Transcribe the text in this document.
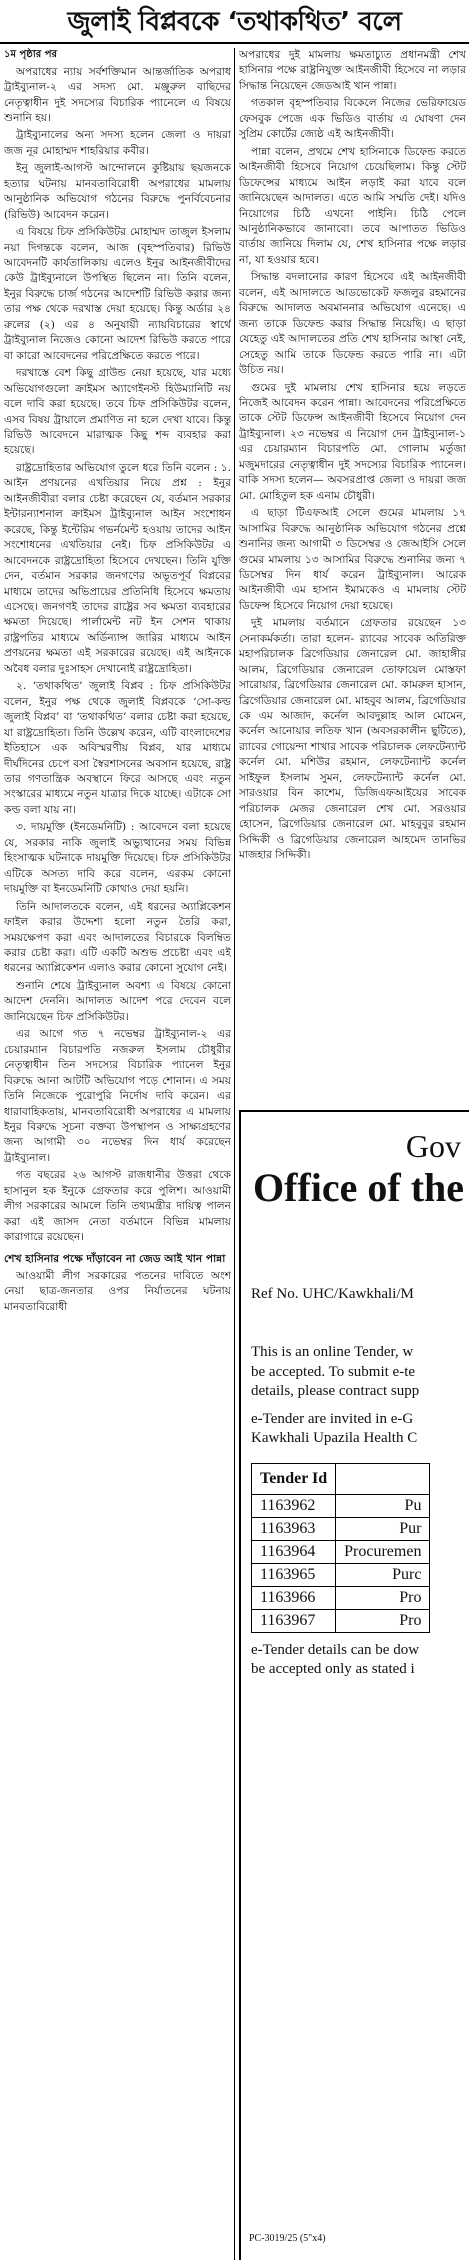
জুলাই বিপ্লবকে ‘তথাকথিত’ বলে

১ম পৃষ্ঠার পর

অপরাধের ন্যায় সর্বশক্তিমান আন্তর্জাতিক অপরাধ ট্রাইব্যুনাল-২ এর সদস্য মো. মঞ্জুরুল বাছিদের নেতৃত্বাধীন দুই সদস্যের বিচারিক প্যানেলে এ বিষয়ে শুনানি হয়।

ট্রাইব্যুনালের অন্য সদস্য হলেন জেলা ও দায়রা জজ নূর মোহাম্মদ শাহরিয়ার কবীর।

ইনু জুলাই-আগস্ট আন্দোলনে কুষ্টিয়ায় ছয়জনকে হত্যার ঘটনায় মানবতাবিরোধী অপরাধের মামলায় আনুষ্ঠানিক অভিযোগ গঠনের বিরুদ্ধে পুনর্বিবেচনার (রিভিউ) আবেদন করেন।

এ বিষয়ে চিফ প্রসিকিউটর মোহাম্মদ তাজুল ইসলাম নয়া দিগন্তকে বলেন, আজ (বৃহস্পতিবার) রিভিউ আবেদনটি কার্যতালিকায় এলেও ইনুর আইনজীবীদের কেউ ট্রাইব্যুনালে উপস্থিত ছিলেন না। তিনি বলেন, ইনুর বিরুদ্ধে চার্জ গঠনের আদেশটি রিভিউ করার জন্য তার পক্ষ থেকে দরখাস্ত দেয়া হয়েছে। কিন্তু অর্ডার ২৪ রুলের (২) এর ৪ অনুযায়ী ন্যায়বিচারের স্বার্থে ট্রাইব্যুনাল নিজেও কোনো আদেশ রিভিউ করতে পারে বা কারো আবেদনের পরিপ্রেক্ষিতে করতে পারে।

দরখাস্তে বেশ কিছু গ্রাউন্ড নেয়া হয়েছে, যার মধ্যে অভিযোগগুলো ক্রাইমস অ্যাগেইনস্ট হিউম্যানিটি নয় বলে দাবি করা হয়েছে। তবে চিফ প্রসিকিউটর বলেন, এসব বিষয় ট্রায়ালে প্রমাণিত না হলে দেখা যাবে। কিন্তু রিভিউ আবেদনে মারাত্মক কিছু শব্দ ব্যবহার করা হয়েছে।

রাষ্ট্রদ্রোহিতার অভিযোগ তুলে ধরে তিনি বলেন : ১. আইন প্রণয়নের এখতিয়ার নিয়ে প্রশ্ন : ইনুর আইনজীবীরা বলার চেষ্টা করেছেন যে, বর্তমান সরকার ইন্টারন্যাশনাল ক্রাইমস ট্রাইব্যুনাল আইন সংশোধন করেছে, কিন্তু ইন্টেরিম গভর্নমেন্ট হওয়ায় তাদের আইন সংশোধনের এখতিয়ার নেই। চিফ প্রসিকিউটর এ আবেদনকে রাষ্ট্রদ্রোহিতা হিসেবে দেখছেন। তিনি যুক্তি দেন, বর্তমান সরকার জনগণের অভূতপূর্ব বিপ্লবের মাধ্যমে তাদের অভিপ্রায়ের প্রতিনিধি হিসেবে ক্ষমতায় এসেছে। জনগণই তাদের রাষ্ট্রের সব ক্ষমতা ব্যবহারের ক্ষমতা দিয়েছে। পার্লামেন্ট নট ইন সেশন থাকায় রাষ্ট্রপতির মাধ্যমে অর্ডিন্যান্স জারির মাধ্যমে আইন প্রণয়নের ক্ষমতা এই সরকারের রয়েছে। এই আইনকে অবৈধ বলার দুঃসাহস দেখানোই রাষ্ট্রদ্রোহিতা।

২. ‘তথাকথিত’ জুলাই বিপ্লব : চিফ প্রসিকিউটর বলেন, ইনুর পক্ষ থেকে জুলাই বিপ্লবকে ‘সো-কল্ড জুলাই বিপ্লব’ বা ‘তথাকথিত’ বলার চেষ্টা করা হয়েছে, যা রাষ্ট্রদ্রোহিতা। তিনি উল্লেখ করেন, এটি বাংলাদেশের ইতিহাসে এক অবিস্মরণীয় বিপ্লব, যার মাধ্যমে দীর্ঘদিনের চেপে বসা স্বৈরশাসনের অবসান হয়েছে, রাষ্ট্র তার গণতান্ত্রিক অবস্থানে ফিরে আসছে এবং নতুন সংস্কারের মাধ্যমে নতুন যাত্রার দিকে যাচ্ছে। এটাকে সো কল্ড বলা যায় না।

৩. দায়মুক্তি (ইনডেমনিটি) : আবেদনে বলা হয়েছে যে, সরকার নাকি জুলাই অভ্যুত্থানের সময় বিভিন্ন হিংসাত্মক ঘটনাকে দায়মুক্তি দিয়েছে। চিফ প্রসিকিউটর এটিকে অসত্য দাবি করে বলেন, এরকম কোনো দায়মুক্তি বা ইনডেমনিটি কোথাও দেয়া হয়নি।

তিনি আদালতকে বলেন, এই ধরনের অ্যাপ্লিকেশন ফাইল করার উদ্দেশ্য হলো নতুন তৈরি করা, সময়ক্ষেপণ করা এবং আদালতের বিচারকে বিলম্বিত করার চেষ্টা করা। এটি একটি অশুভ প্রচেষ্টা এবং এই ধরনের অ্যাপ্লিকেশন এলাও করার কোনো সুযোগ নেই।

শুনানি শেষে ট্রাইব্যুনাল অবশ্য এ বিষয়ে কোনো আদেশ দেননি। আদালত আদেশ পরে দেবেন বলে জানিয়েছেন চিফ প্রসিকিউটর।

এর আগে গত ৭ নভেম্বর ট্রাইব্যুনাল-২ এর চেয়ারম্যান বিচারপতি নজরুল ইসলাম চৌধুরীর নেতৃত্বাধীন তিন সদস্যের বিচারিক প্যানেল ইনুর বিরুদ্ধে আনা আটটি অভিযোগ পড়ে শোনান। এ সময় তিনি নিজেকে পুরোপুরি নির্দোষ দাবি করেন। এর ধারাবাহিকতায়, মানবতাবিরোধী অপরাধের এ মামলায় ইনুর বিরুদ্ধে সূচনা বক্তব্য উপস্থাপন ও সাক্ষ্যগ্রহণের জন্য আগামী ৩০ নভেম্বর দিন ধার্য করেছেন ট্রাইব্যুনাল।

গত বছরের ২৬ আগস্ট রাজধানীর উত্তরা থেকে হাসানুল হক ইনুকে গ্রেফতার করে পুলিশ। আওয়ামী লীগ সরকারের আমলে তিনি তথ্যমন্ত্রীর দায়িত্ব পালন করা এই জাসদ নেতা বর্তমানে বিভিন্ন মামলায় কারাগারে রয়েছেন।

শেখ হাসিনার পক্ষে দাঁড়াবেন না জেড আই খান পান্না

আওয়ামী লীগ সরকারের পতনের দাবিতে অংশ নেয়া ছাত্র-জনতার ওপর নির্যাতনের ঘটনায় মানবতাবিরোধী

অপরাধের দুই মামলায় ক্ষমতাচ্যুত প্রধানমন্ত্রী শেখ হাসিনার পক্ষে রাষ্ট্রনিযুক্ত আইনজীবী হিসেবে না লড়ার সিদ্ধান্ত নিয়েছেন জেডআই খান পান্না।

গতকাল বৃহস্পতিবার বিকেলে নিজের ভেরিফায়েড ফেসবুক পেজে এক ভিডিও বার্তায় এ ঘোষণা দেন সুপ্রিম কোর্টের জ্যেষ্ঠ এই আইনজীবী।

পান্না বলেন, প্রথমে শেখ হাসিনাকে ডিফেন্ড করতে আইনজীবী হিসেবে নিয়োগ চেয়েছিলাম। কিন্তু স্টেট ডিফেন্সের মাধ্যমে আইন লড়াই করা যাবে বলে জানিয়েছেন আদালত। এতে আমি সম্মতি দেই। যদিও নিয়োগের চিঠি এখনো পাইনি। চিঠি পেলে আনুষ্ঠানিকভাবে জানাবো। তবে আপাতত ভিডিও বার্তায় জানিয়ে দিলাম যে, শেখ হাসিনার পক্ষে লড়ার না, যা হওয়ার হবে।

সিদ্ধান্ত বদলানোর কারণ হিসেবে এই আইনজীবী বলেন, এই আদালতে আডভোকেট ফজলুর রহমানের বিরুদ্ধে আদালত অবমাননার অভিযোগ এনেছে। এ জন্য তাকে ডিফেন্ড করার সিদ্ধান্ত নিয়েছি। এ ছাড়া যেহেতু এই আদালতের প্রতি শেখ হাসিনার আস্থা নেই, সেহেতু আমি তাকে ডিফেন্ড করতে পারি না। এটা উচিত নয়।

গুমের দুই মামলায় শেখ হাসিনার হয়ে লড়তে নিজেই আবেদন করেন পান্না। আবেদনের পরিপ্রেক্ষিতে তাকে স্টেট ডিফেন্স আইনজীবী হিসেবে নিয়োগ দেন ট্রাইব্যুনাল। ২৩ নভেম্বর এ নিয়োগ দেন ট্রাইব্যুনাল-১ এর চেয়ারম্যান বিচারপতি মো. গোলাম মর্তুজা মজুমদারের নেতৃত্বাধীন দুই সদস্যের বিচারিক প্যানেল। বাকি সদস্য হলেন— অবসরপ্রাপ্ত জেলা ও দায়রা জজ মো. মোহিতুল হক এনাম চৌধুরী।

এ ছাড়া টিএফআই সেলে গুমের মামলায় ১৭ আসামির বিরুদ্ধে আনুষ্ঠানিক অভিযোগ গঠনের প্রশ্নে শুনানির জন্য আগামী ৩ ডিসেম্বর ও জেআইসি সেলে গুমের মামলায় ১৩ আসামির বিরুদ্ধে শুনানির জন্য ৭ ডিসেম্বর দিন ধার্য করেন ট্রাইব্যুনাল। আরেক আইনজীবী এম হাসান ইমামকেও এ মামলায় স্টেট ডিফেন্স হিসেবে নিয়োগ দেয়া হয়েছে।

দুই মামলায় বর্তমানে গ্রেফতার রয়েছেন ১৩ সেনাকর্মকর্তা। তারা হলেন- র‍্যাবের সাবেক অতিরিক্ত মহাপরিচালক ব্রিগেডিয়ার জেনারেল মো. জাহাঙ্গীর আলম, ব্রিগেডিয়ার জেনারেল তোফায়েল মোস্তফা সারোয়ার, ব্রিগেডিয়ার জেনারেল মো. কামরুল হাসান, ব্রিগেডিয়ার জেনারেল মো. মাহবুব আলম, ব্রিগেডিয়ার কে এম আজাদ, কর্নেল আবদুল্লাহ আল মোমেন, কর্নেল আনোয়ার লতিফ খান (অবসরকালীন ছুটিতে), র‍্যাবের গোয়েন্দা শাখার সাবেক পরিচালক লেফটেন্যান্ট কর্নেল মো. মশিউর রহমান, লেফটেন্যান্ট কর্নেল সাইফুল ইসলাম সুমন, লেফটেন্যান্ট কর্নেল মো. সারওয়ার বিন কাশেম, ডিজিএফআইয়ের সাবেক পরিচালক মেজর জেনারেল শেখ মো. সরওয়ার হোসেন, ব্রিগেডিয়ার জেনারেল মো. মাহবুবুর রহমান সিদ্দিকী ও ব্রিগেডিয়ার জেনারেল আহমেদ তানভির মাজহার সিদ্দিকী।

Gov
Office of the
Ref No. UHC/Kawkhali/M
This is an online Tender, w
be accepted. To submit e-te
details, please contract supp
e-Tender are invited in e-G
Kawkhali Upazila Health C
Tender Id	
1163962	Pu
1163963	Pur
1163964	Procuremen
1163965	Purc
1163966	Pro
1163967	Pro
e-Tender details can be dow
be accepted only as stated i
PC-3019/25 (5"x4)
